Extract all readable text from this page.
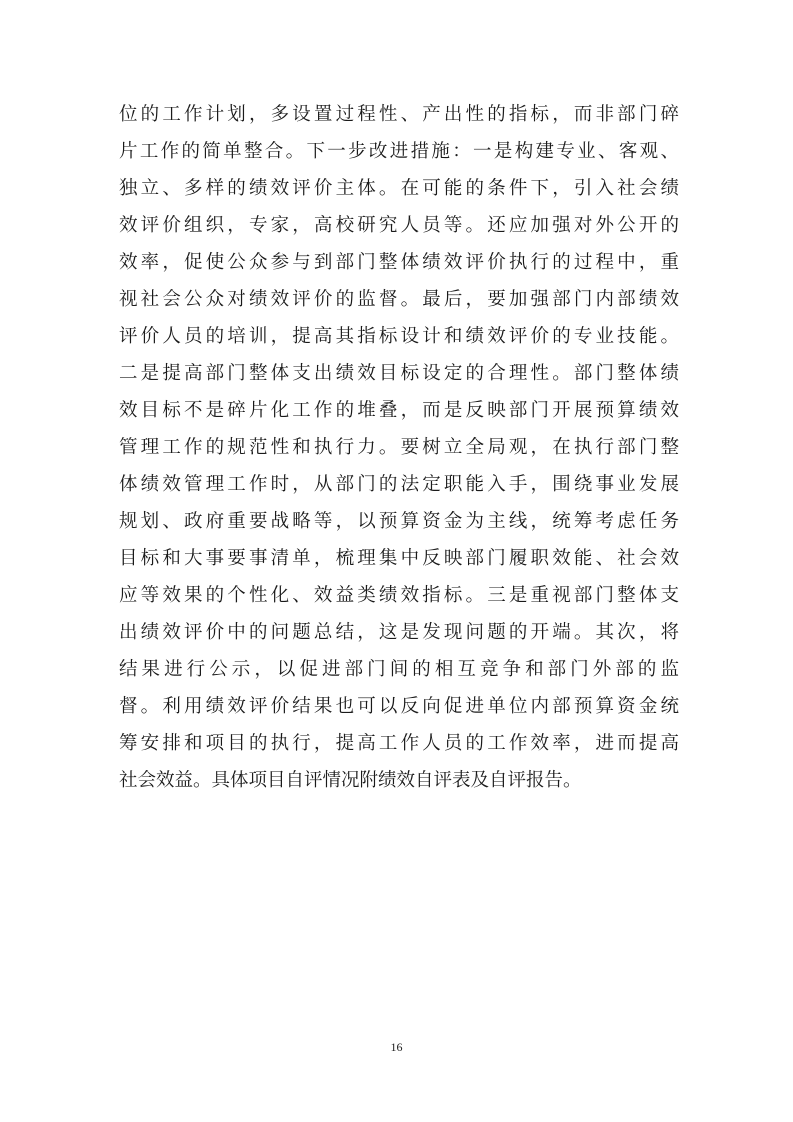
位的工作计划，多设置过程性、产出性的指标，而非部门碎
片工作的简单整合。下一步改进措施：一是构建专业、客观、
独立、多样的绩效评价主体。在可能的条件下，引入社会绩
效评价组织，专家，高校研究人员等。还应加强对外公开的
效率，促使公众参与到部门整体绩效评价执行的过程中，重
视社会公众对绩效评价的监督。最后，要加强部门内部绩效
评价人员的培训，提高其指标设计和绩效评价的专业技能。
二是提高部门整体支出绩效目标设定的合理性。部门整体绩
效目标不是碎片化工作的堆叠，而是反映部门开展预算绩效
管理工作的规范性和执行力。要树立全局观，在执行部门整
体绩效管理工作时，从部门的法定职能入手，围绕事业发展
规划、政府重要战略等，以预算资金为主线，统筹考虑任务
目标和大事要事清单，梳理集中反映部门履职效能、社会效
应等效果的个性化、效益类绩效指标。三是重视部门整体支
出绩效评价中的问题总结，这是发现问题的开端。其次，将
结果进行公示，以促进部门间的相互竞争和部门外部的监
督。利用绩效评价结果也可以反向促进单位内部预算资金统
筹安排和项目的执行，提高工作人员的工作效率，进而提高
社会效益。具体项目自评情况附绩效自评表及自评报告。
16
